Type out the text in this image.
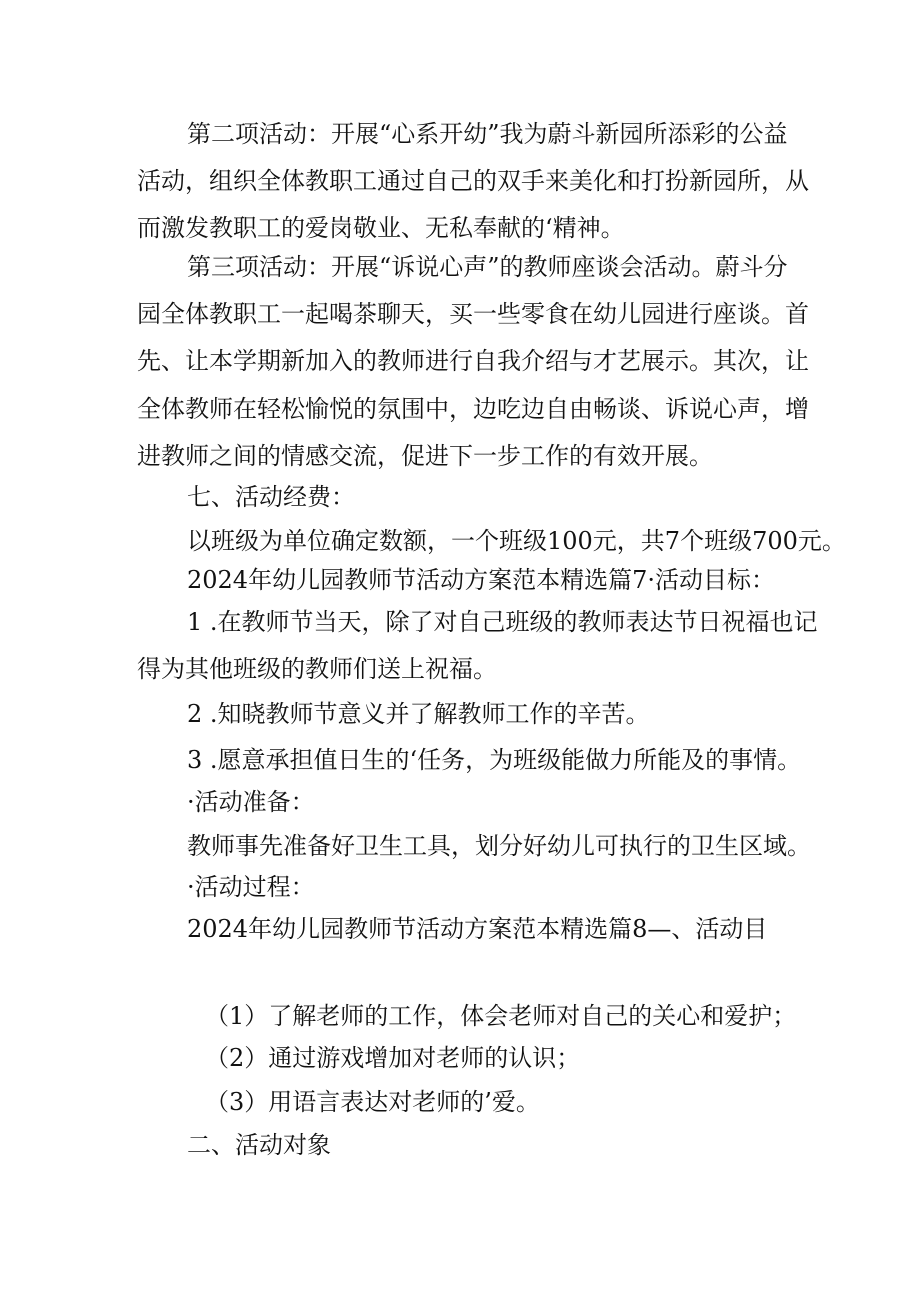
第二项活动：开展“心系开幼”我为蔚斗新园所添彩的公益
活动，组织全体教职工通过自己的双手来美化和打扮新园所，从
而激发教职工的爱岗敬业、无私奉献的‘精神。
第三项活动：开展“诉说心声”的教师座谈会活动。蔚斗分
园全体教职工一起喝茶聊天，买一些零食在幼儿园进行座谈。首
先、让本学期新加入的教师进行自我介绍与才艺展示。其次，让
全体教师在轻松愉悦的氛围中，边吃边自由畅谈、诉说心声，增
进教师之间的情感交流，促进下一步工作的有效开展。
七、活动经费：
以班级为单位确定数额，一个班级100元，共7个班级700元。
2024年幼儿园教师节活动方案范本精选篇7·活动目标：
1 .在教师节当天，除了对自己班级的教师表达节日祝福也记
得为其他班级的教师们送上祝福。
2 .知晓教师节意义并了解教师工作的辛苦。
3 .愿意承担值日生的‘任务，为班级能做力所能及的事情。
·活动准备：
教师事先准备好卫生工具，划分好幼儿可执行的卫生区域。
·活动过程：
2024年幼儿园教师节活动方案范本精选篇8—、活动目
（1）了解老师的工作，体会老师对自己的关心和爱护；
（2）通过游戏增加对老师的认识；
（3）用语言表达对老师的’爱。
二、活动对象
